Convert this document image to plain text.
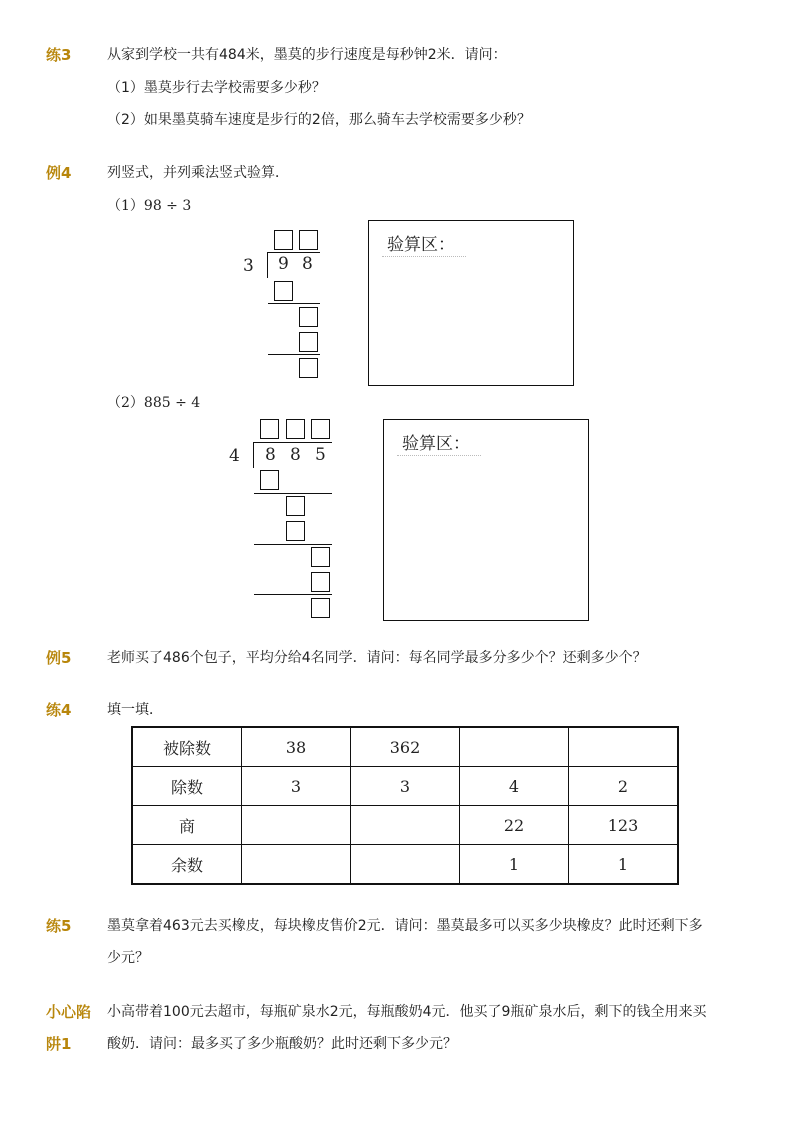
练3	从家到学校一共有484米，墨莫的步行速度是每秒钟2米．请问：
（1）墨莫步行去学校需要多少秒？
（2）如果墨莫骑车速度是步行的2倍，那么骑车去学校需要多少秒？
例4	列竖式，并列乘法竖式验算．
（1）98 ÷ 3
3 9 8
验算区：
（2）885 ÷ 4
4 8 8 5
验算区：
例5	老师买了486个包子，平均分给4名同学．请问：每名同学最多分多少个？还剩多少个？
练4	填一填．
被除数	38	362		
除数	3	3	4	2
商			22	123
余数			1	1
练5	墨莫拿着463元去买橡皮，每块橡皮售价2元．请问：墨莫最多可以买多少块橡皮？此时还剩下多
少元？
小心陷
阱1
小高带着100元去超市，每瓶矿泉水2元，每瓶酸奶4元．他买了9瓶矿泉水后，剩下的钱全用来买
酸奶．请问：最多买了多少瓶酸奶？此时还剩下多少元？
